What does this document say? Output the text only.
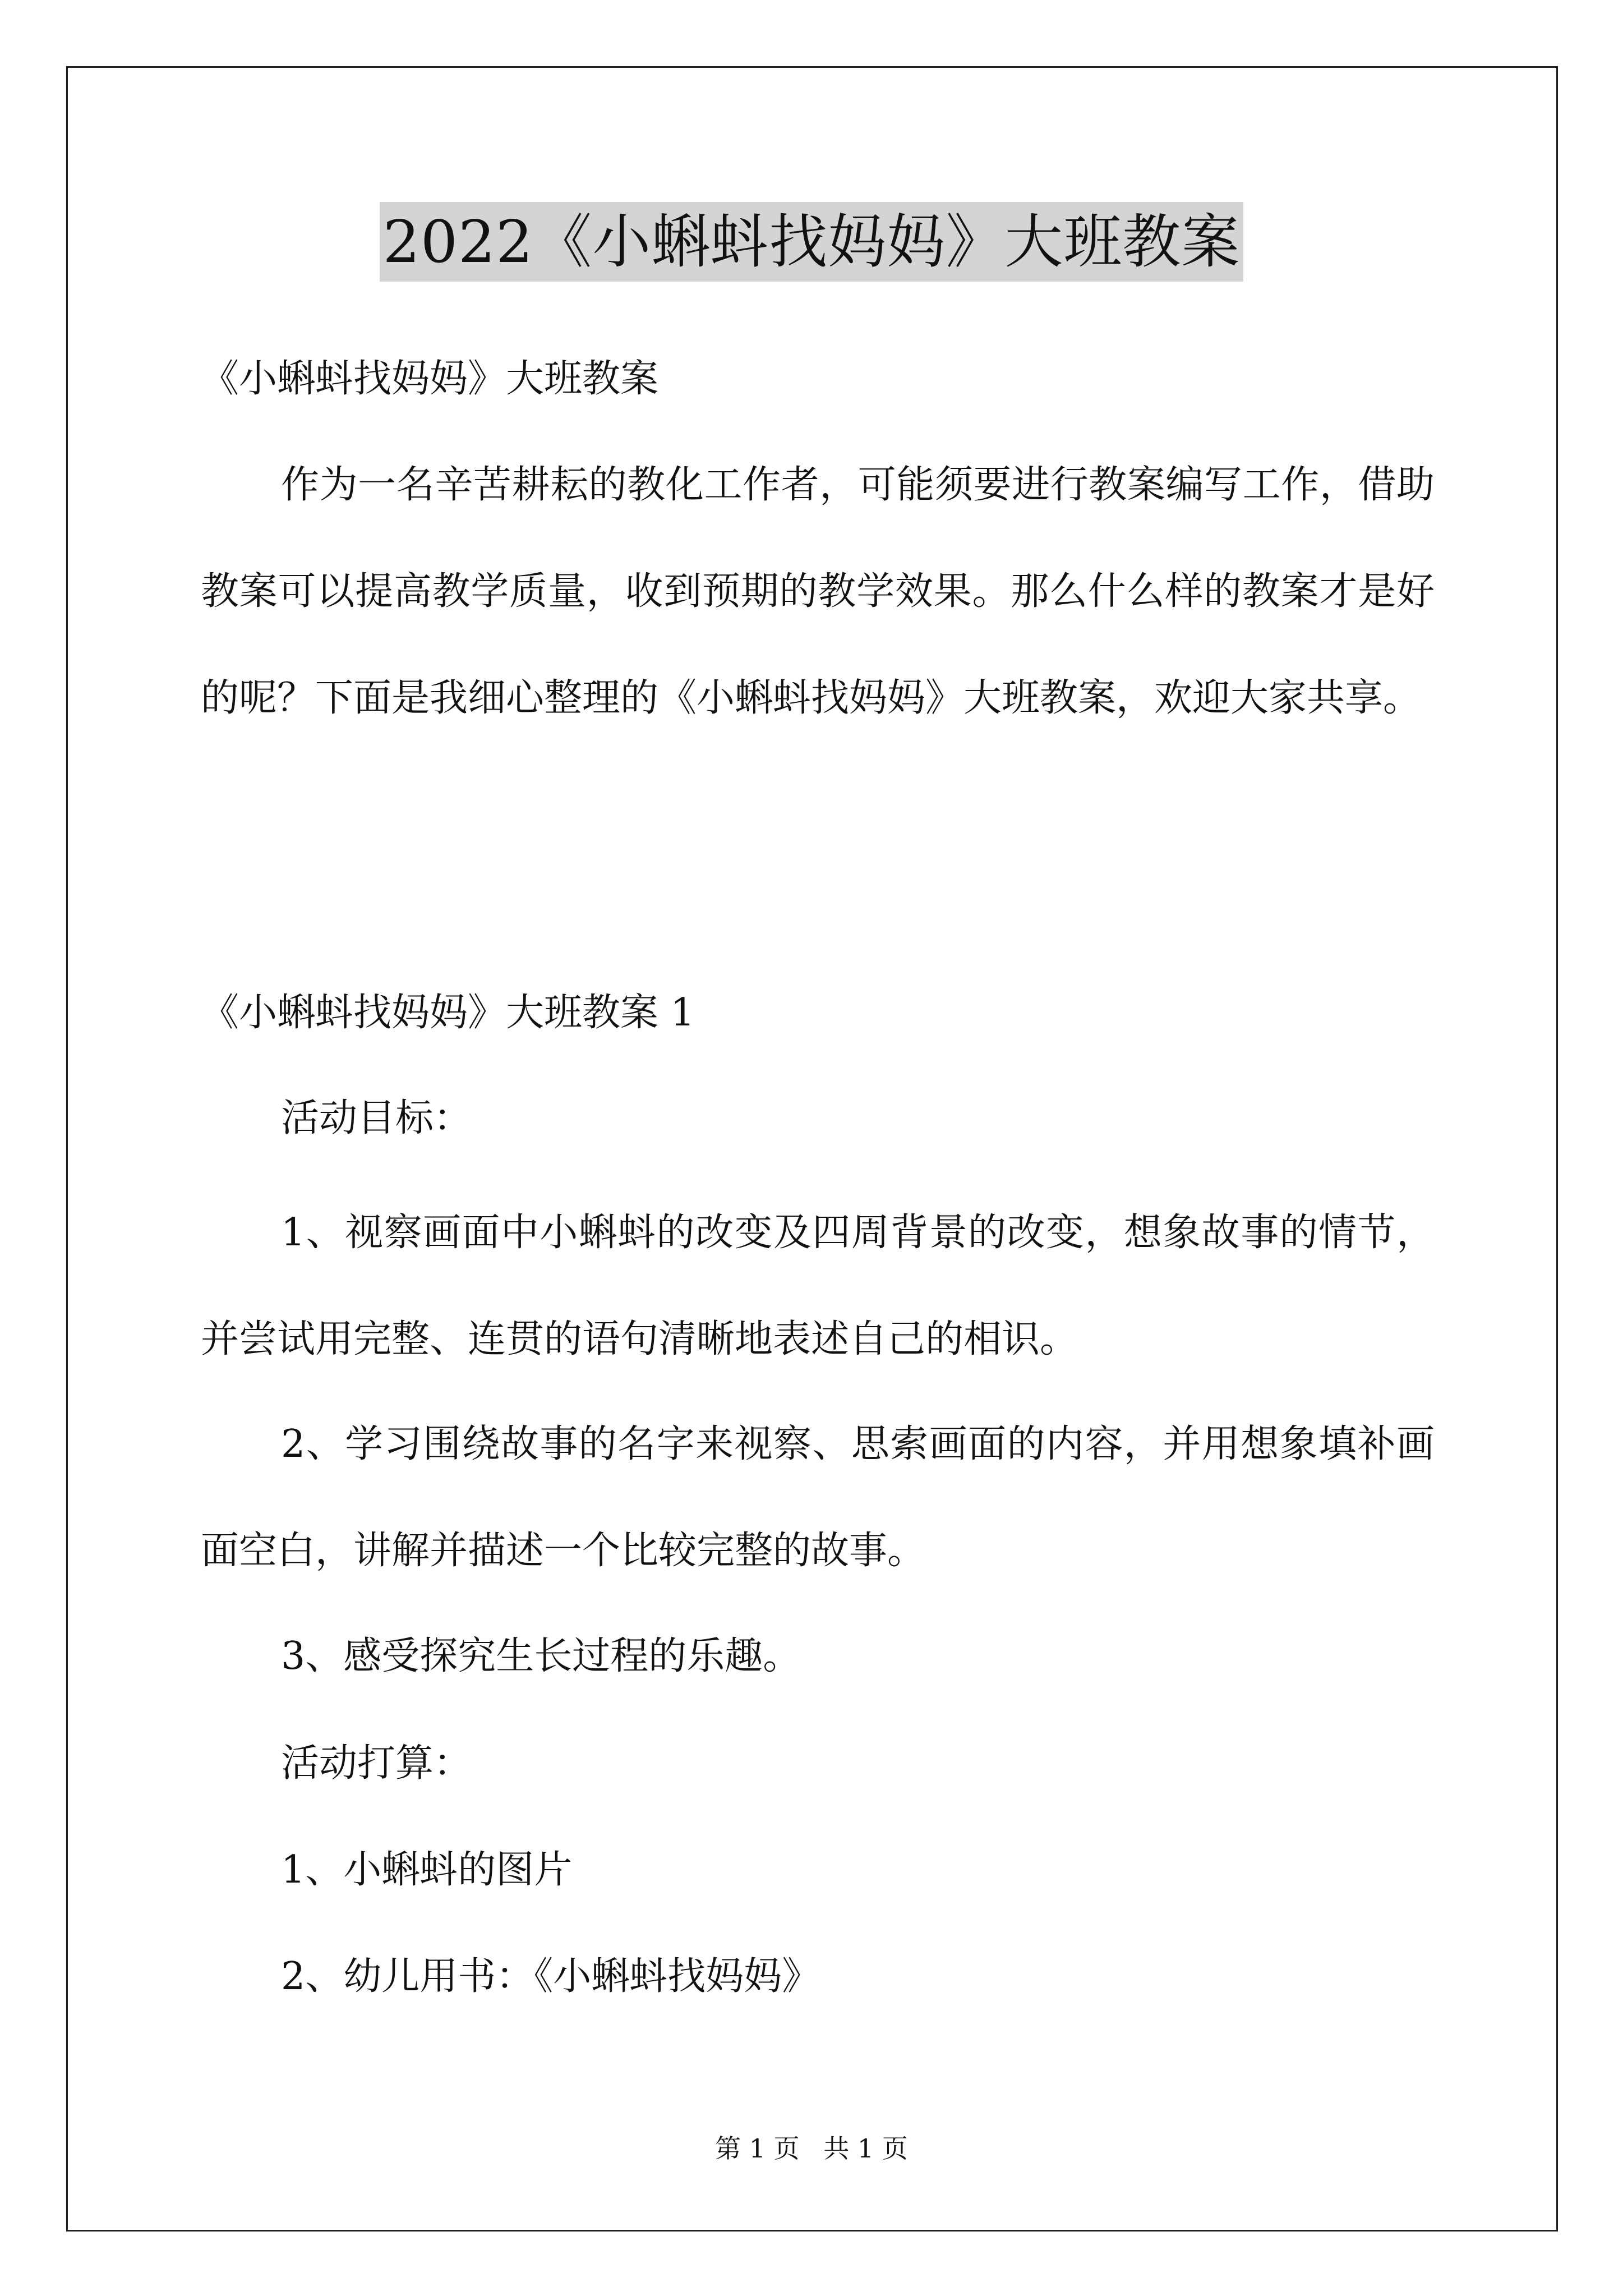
2022《小蝌蚪找妈妈》大班教案

《小蝌蚪找妈妈》大班教案

作为一名辛苦耕耘的教化工作者，可能须要进行教案编写工作，借助教案可以提高教学质量，收到预期的教学效果。那么什么样的教案才是好的呢？下面是我细心整理的《小蝌蚪找妈妈》大班教案，欢迎大家共享。

《小蝌蚪找妈妈》大班教案 1

活动目标：

1、视察画面中小蝌蚪的改变及四周背景的改变，想象故事的情节，并尝试用完整、连贯的语句清晰地表述自己的相识。

2、学习围绕故事的名字来视察、思索画面的内容，并用想象填补画面空白，讲解并描述一个比较完整的故事。

3、感受探究生长过程的乐趣。

活动打算：

1、小蝌蚪的图片

2、幼儿用书：《小蝌蚪找妈妈》

第 1 页 共 1 页
